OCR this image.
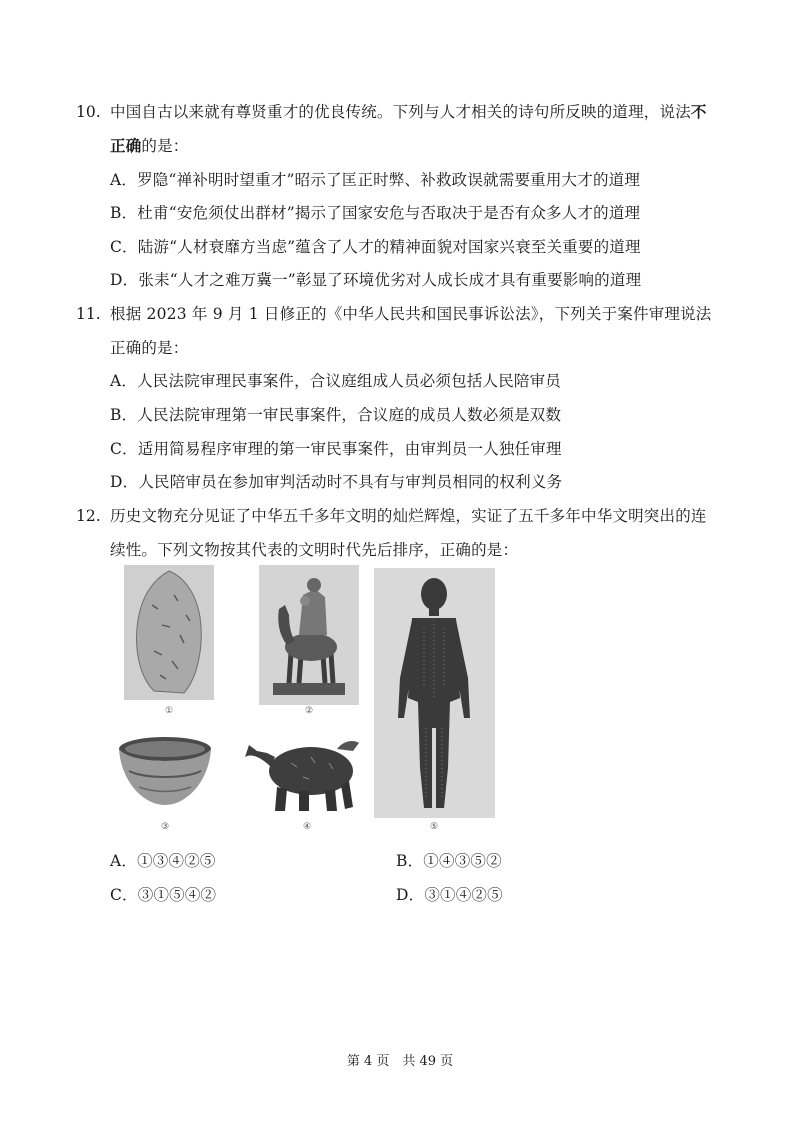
10. 中国自古以来就有尊贤重才的优良传统。下列与人才相关的诗句所反映的道理，说法不
正确的是：
A．罗隐“禅补明时望重才”昭示了匡正时弊、补救政误就需要重用大才的道理
B．杜甫“安危须仗出群材”揭示了国家安危与否取决于是否有众多人才的道理
C．陆游“人材衰靡方当虑”蕴含了人才的精神面貌对国家兴衰至关重要的道理
D．张耒“人才之难万冀一”彰显了环境优劣对人成长成才具有重要影响的道理
11. 根据 2023 年 9 月 1 日修正的《中华人民共和国民事诉讼法》，下列关于案件审理说法
正确的是：
A．人民法院审理民事案件，合议庭组成人员必须包括人民陪审员
B．人民法院审理第一审民事案件，合议庭的成员人数必须是双数
C．适用简易程序审理的第一审民事案件，由审判员一人独任审理
D．人民陪审员在参加审判活动时不具有与审判员相同的权利义务
12. 历史文物充分见证了中华五千多年文明的灿烂辉煌，实证了五千多年中华文明突出的连
续性。下列文物按其代表的文明时代先后排序，正确的是：
①	②
⑤
③	④
A．①③④②⑤	B．①④③⑤②
C．③①⑤④②	D．③①④②⑤
第 4 页　共 49 页
